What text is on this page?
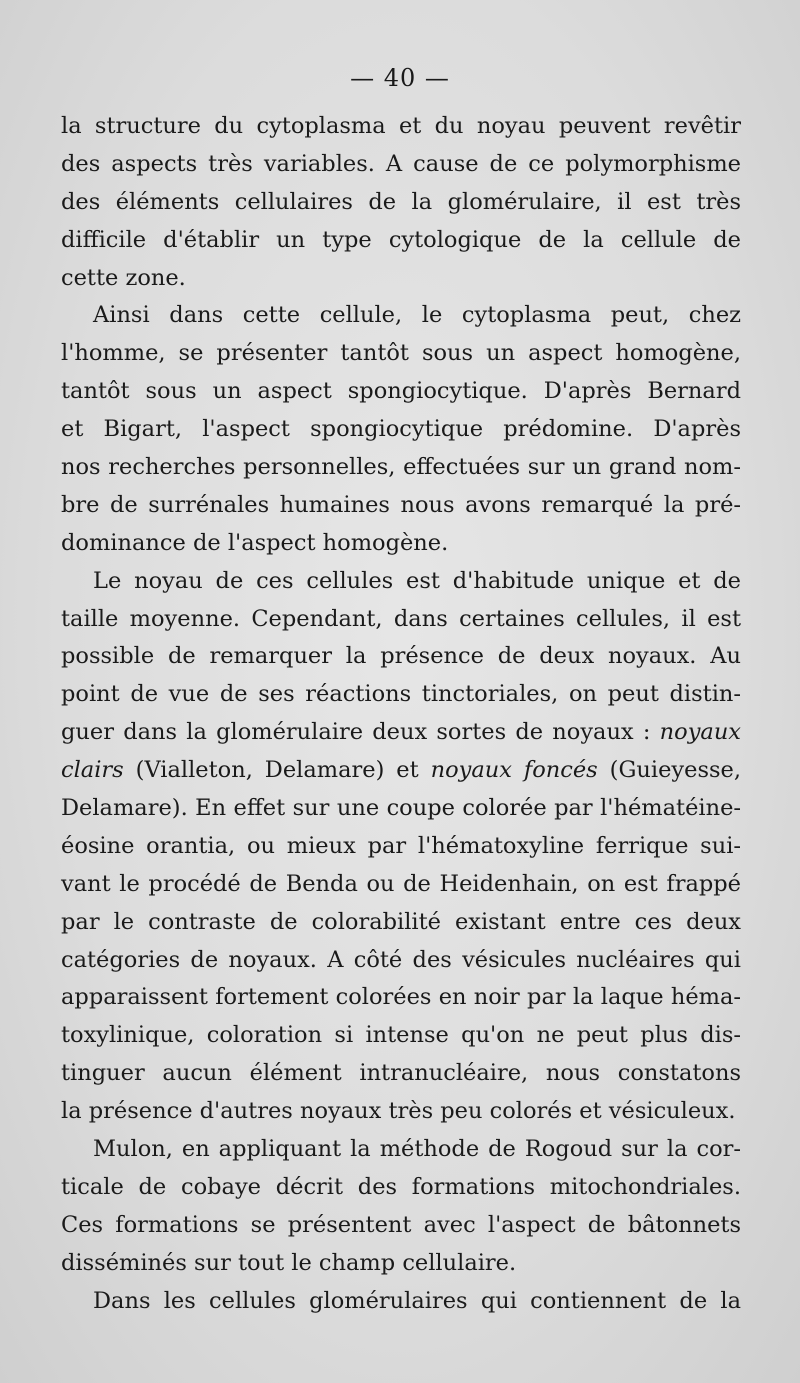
— 40 —
la structure du cytoplasma et du noyau peuvent revêtir
des aspects très variables. A cause de ce polymorphisme
des éléments cellulaires de la glomérulaire, il est très
difficile d'établir un type cytologique de la cellule de
cette zone.
Ainsi dans cette cellule, le cytoplasma peut, chez
l'homme, se présenter tantôt sous un aspect homogène,
tantôt sous un aspect spongiocytique. D'après Bernard
et Bigart, l'aspect spongiocytique prédomine. D'après
nos recherches personnelles, effectuées sur un grand nom-
bre de surrénales humaines nous avons remarqué la pré-
dominance de l'aspect homogène.
Le noyau de ces cellules est d'habitude unique et de
taille moyenne. Cependant, dans certaines cellules, il est
possible de remarquer la présence de deux noyaux. Au
point de vue de ses réactions tinctoriales, on peut distin-
guer dans la glomérulaire deux sortes de noyaux : noyaux
clairs (Vialleton, Delamare) et noyaux foncés (Guieyesse,
Delamare). En effet sur une coupe colorée par l'hématéine-
éosine orantia, ou mieux par l'hématoxyline ferrique sui-
vant le procédé de Benda ou de Heidenhain, on est frappé
par le contraste de colorabilité existant entre ces deux
catégories de noyaux. A côté des vésicules nucléaires qui
apparaissent fortement colorées en noir par la laque héma-
toxylinique, coloration si intense qu'on ne peut plus dis-
tinguer aucun élément intranucléaire, nous constatons
la présence d'autres noyaux très peu colorés et vésiculeux.
Mulon, en appliquant la méthode de Rogoud sur la cor-
ticale de cobaye décrit des formations mitochondriales.
Ces formations se présentent avec l'aspect de bâtonnets
disséminés sur tout le champ cellulaire.
Dans les cellules glomérulaires qui contiennent de la
